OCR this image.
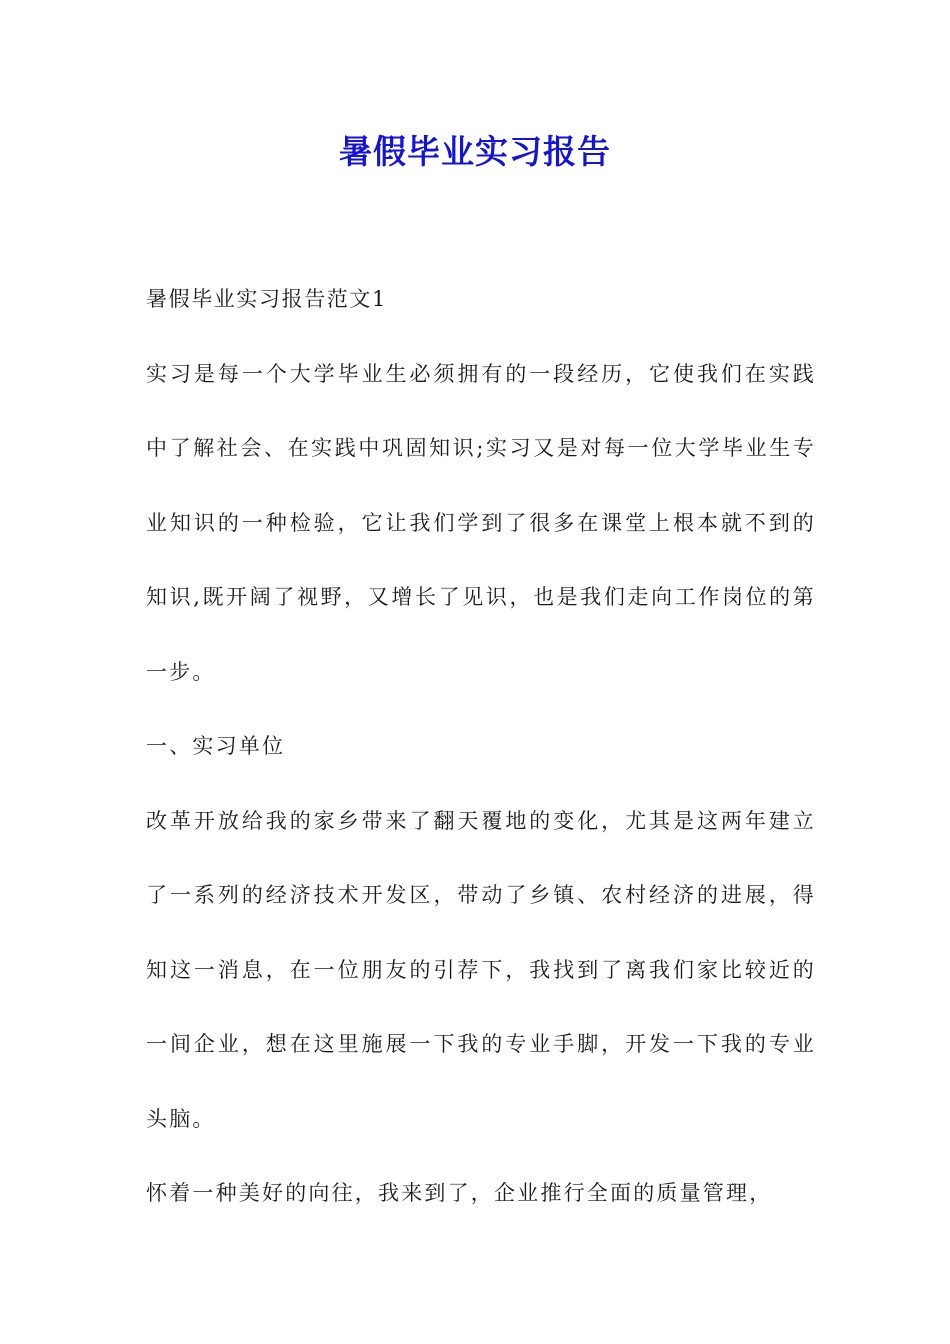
暑假毕业实习报告

暑假毕业实习报告范文1

实习是每一个大学毕业生必须拥有的一段经历，它使我们在实践中了解社会、在实践中巩固知识;实习又是对每一位大学毕业生专业知识的一种检验，它让我们学到了很多在课堂上根本就不到的知识,既开阔了视野，又增长了见识，也是我们走向工作岗位的第一步。

一、实习单位

改革开放给我的家乡带来了翻天覆地的变化，尤其是这两年建立了一系列的经济技术开发区，带动了乡镇、农村经济的进展，得知这一消息，在一位朋友的引荐下，我找到了离我们家比较近的一间企业，想在这里施展一下我的专业手脚，开发一下我的专业头脑。

怀着一种美好的向往，我来到了，企业推行全面的质量管理，
